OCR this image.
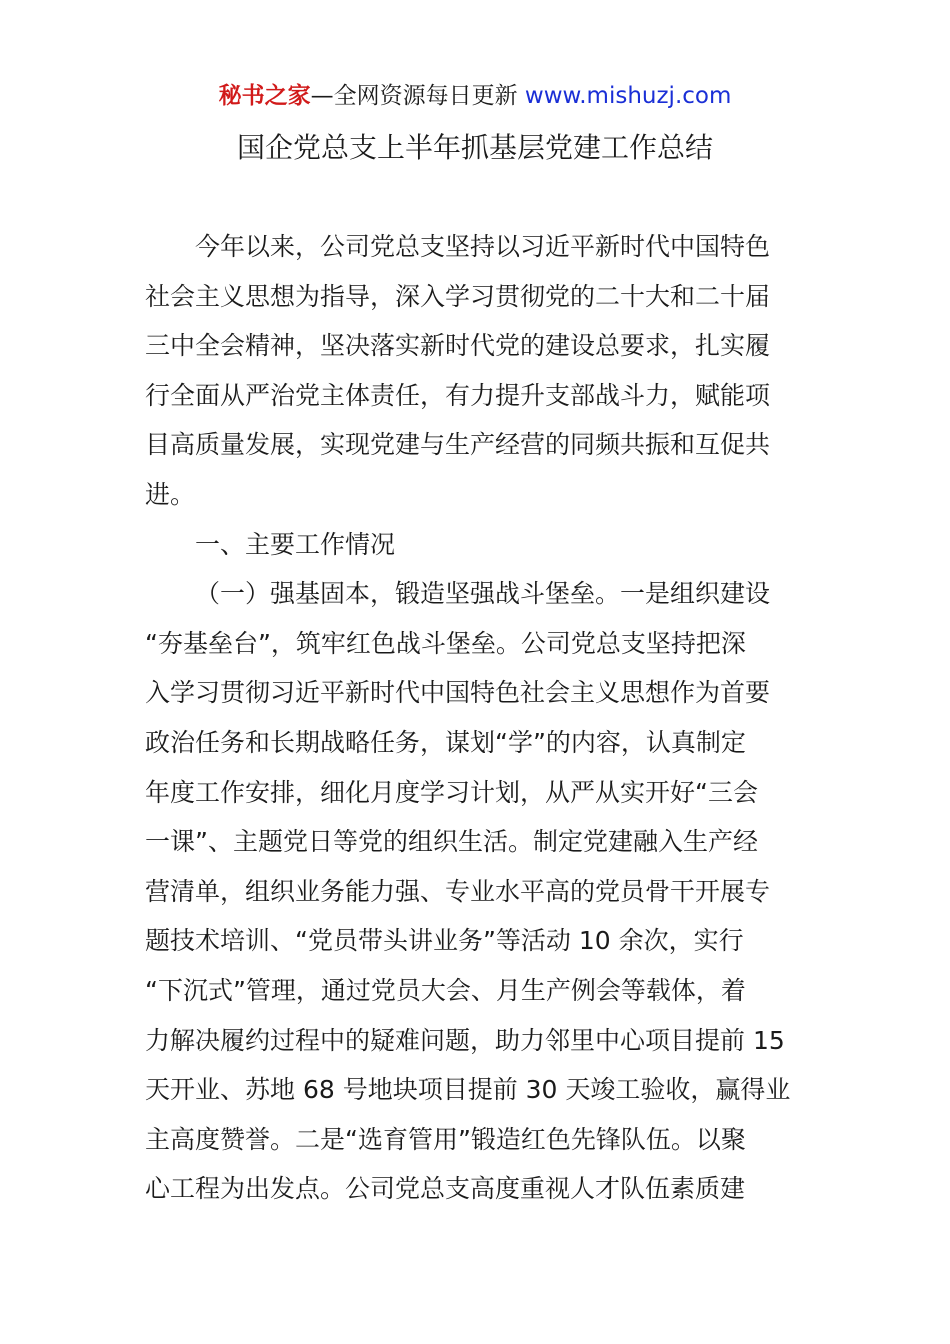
秘书之家—全网资源每日更新 www.mishuzj.com
国企党总支上半年抓基层党建工作总结
今年以来，公司党总支坚持以习近平新时代中国特色
社会主义思想为指导，深入学习贯彻党的二十大和二十届
三中全会精神，坚决落实新时代党的建设总要求，扎实履
行全面从严治党主体责任，有力提升支部战斗力，赋能项
目高质量发展，实现党建与生产经营的同频共振和互促共
进。
一、主要工作情况
（一）强基固本，锻造坚强战斗堡垒。一是组织建设
“夯基垒台”，筑牢红色战斗堡垒。公司党总支坚持把深
入学习贯彻习近平新时代中国特色社会主义思想作为首要
政治任务和长期战略任务，谋划“学”的内容，认真制定
年度工作安排，细化月度学习计划，从严从实开好“三会
一课”、主题党日等党的组织生活。制定党建融入生产经
营清单，组织业务能力强、专业水平高的党员骨干开展专
题技术培训、“党员带头讲业务”等活动 10 余次，实行
“下沉式”管理，通过党员大会、月生产例会等载体，着
力解决履约过程中的疑难问题，助力邻里中心项目提前 15
天开业、苏地 68 号地块项目提前 30 天竣工验收，赢得业
主高度赞誉。二是“选育管用”锻造红色先锋队伍。以聚
心工程为出发点。公司党总支高度重视人才队伍素质建
